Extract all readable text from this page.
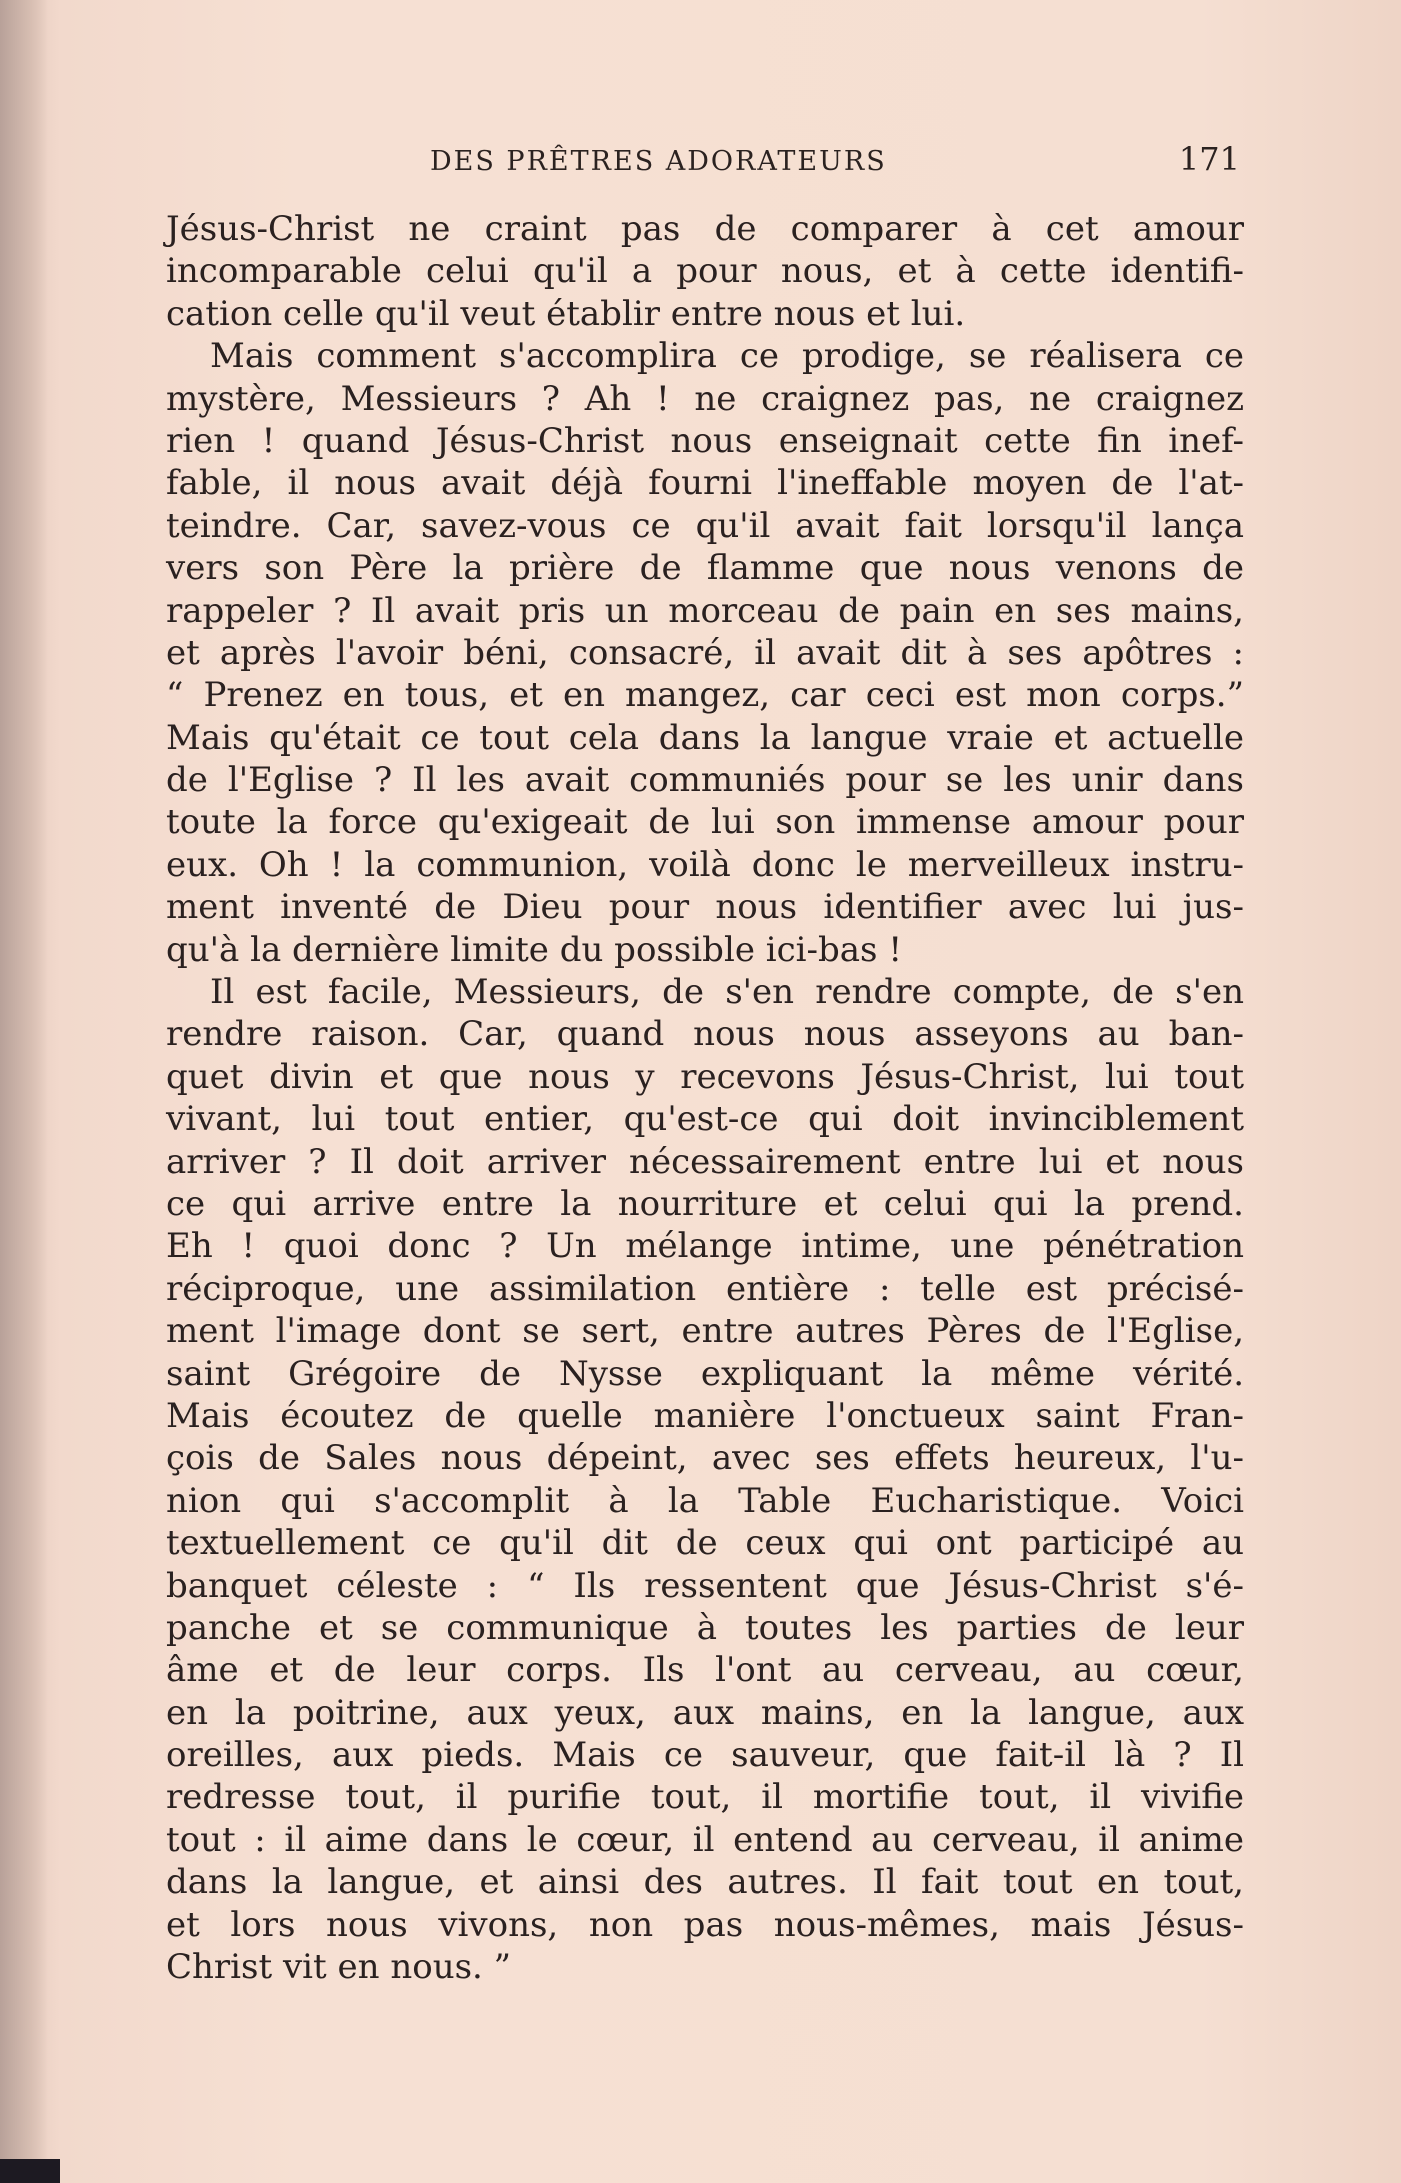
DES PRÊTRES ADORATEURS	171
Jésus-Christ ne craint pas de comparer à cet amour
incomparable celui qu'il a pour nous, et à cette identifi-
cation celle qu'il veut établir entre nous et lui.
Mais comment s'accomplira ce prodige, se réalisera ce
mystère, Messieurs ? Ah ! ne craignez pas, ne craignez
rien ! quand Jésus-Christ nous enseignait cette fin inef-
fable, il nous avait déjà fourni l'ineffable moyen de l'at-
teindre. Car, savez-vous ce qu'il avait fait lorsqu'il lança
vers son Père la prière de flamme que nous venons de
rappeler ? Il avait pris un morceau de pain en ses mains,
et après l'avoir béni, consacré, il avait dit à ses apôtres :
“ Prenez en tous, et en mangez, car ceci est mon corps.”
Mais qu'était ce tout cela dans la langue vraie et actuelle
de l'Eglise ? Il les avait communiés pour se les unir dans
toute la force qu'exigeait de lui son immense amour pour
eux. Oh ! la communion, voilà donc le merveilleux instru-
ment inventé de Dieu pour nous identifier avec lui jus-
qu'à la dernière limite du possible ici-bas !
Il est facile, Messieurs, de s'en rendre compte, de s'en
rendre raison. Car, quand nous nous asseyons au ban-
quet divin et que nous y recevons Jésus-Christ, lui tout
vivant, lui tout entier, qu'est-ce qui doit invinciblement
arriver ? Il doit arriver nécessairement entre lui et nous
ce qui arrive entre la nourriture et celui qui la prend.
Eh ! quoi donc ? Un mélange intime, une pénétration
réciproque, une assimilation entière : telle est précisé-
ment l'image dont se sert, entre autres Pères de l'Eglise,
saint Grégoire de Nysse expliquant la même vérité.
Mais écoutez de quelle manière l'onctueux saint Fran-
çois de Sales nous dépeint, avec ses effets heureux, l'u-
nion qui s'accomplit à la Table Eucharistique. Voici
textuellement ce qu'il dit de ceux qui ont participé au
banquet céleste : “ Ils ressentent que Jésus-Christ s'é-
panche et se communique à toutes les parties de leur
âme et de leur corps. Ils l'ont au cerveau, au cœur,
en la poitrine, aux yeux, aux mains, en la langue, aux
oreilles, aux pieds. Mais ce sauveur, que fait-il là ? Il
redresse tout, il purifie tout, il mortifie tout, il vivifie
tout : il aime dans le cœur, il entend au cerveau, il anime
dans la langue, et ainsi des autres. Il fait tout en tout,
et lors nous vivons, non pas nous-mêmes, mais Jésus-
Christ vit en nous. ”
